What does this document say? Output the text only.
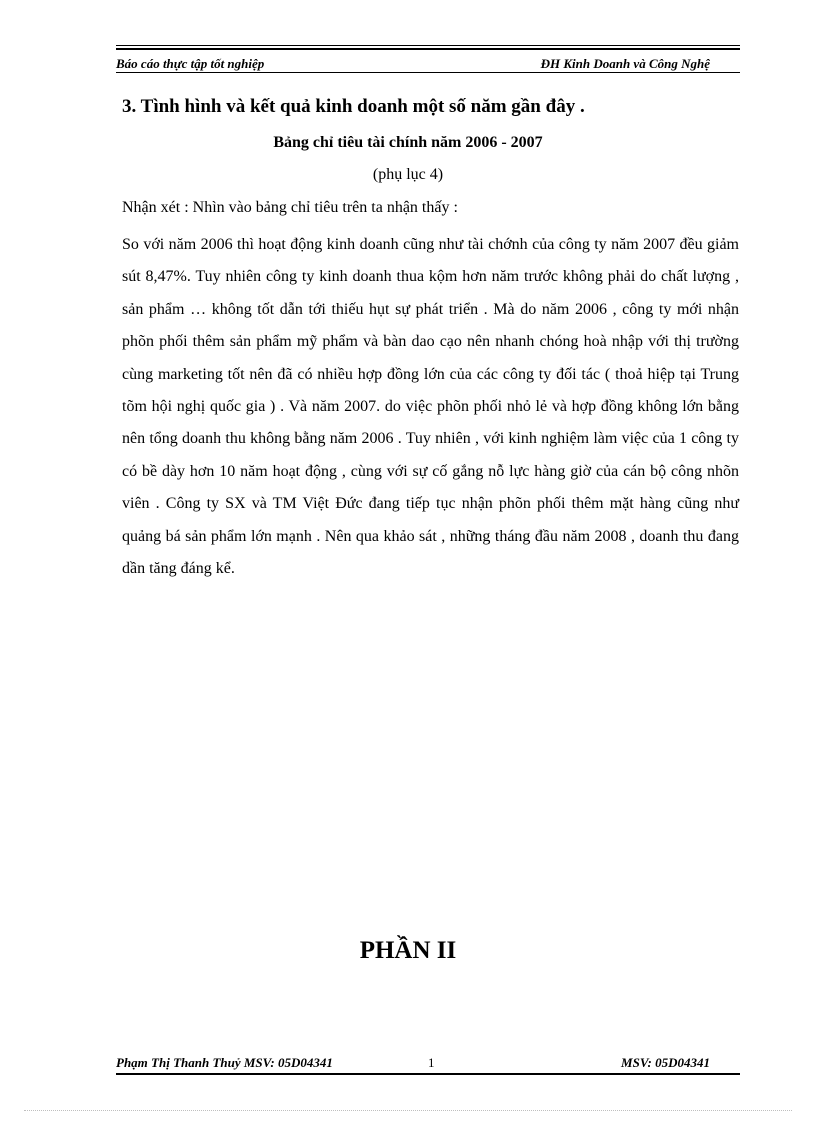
Báo cáo thực tập tốt nghiệp	ĐH Kinh Doanh và Công Nghệ
3. Tình hình và kết quả kinh doanh một số năm gần đây .

Bảng chỉ tiêu tài chính năm 2006 - 2007

(phụ lục 4)

Nhận xét : Nhìn vào bảng chỉ tiêu trên ta nhận thấy :

So với năm 2006 thì hoạt động kinh doanh cũng như tài chớnh của công ty năm 2007 đều giảm sút 8,47%. Tuy nhiên công ty kinh doanh thua kộm hơn năm trước không phải do chất lượng , sản phẩm … không tốt dẫn tới thiếu hụt sự phát triển . Mà do năm 2006 , công ty mới nhận phõn phối thêm sản phẩm mỹ phẩm và bàn dao cạo nên nhanh chóng hoà nhập với thị trường cùng marketing tốt nên đã có nhiều hợp đồng lớn của các công ty đối tác ( thoả hiệp tại Trung tõm hội nghị quốc gia ) . Và năm 2007. do việc phõn phối nhỏ lẻ và hợp đồng không lớn bằng nên tổng doanh thu không bằng năm 2006 . Tuy nhiên , với kinh nghiệm làm việc của 1 công ty có bề dày hơn 10 năm hoạt động , cùng với sự cố gắng nỗ lực hàng giờ của cán bộ công nhõn viên . Công ty SX và TM Việt Đức đang tiếp tục nhận phõn phối thêm mặt hàng cũng như quảng bá sản phẩm lớn mạnh . Nên qua khảo sát , những tháng đầu năm 2008 , doanh thu đang dần tăng đáng kể.

PHẦN II
Phạm Thị Thanh Thuỷ MSV: 05D04341	1	MSV: 05D04341
